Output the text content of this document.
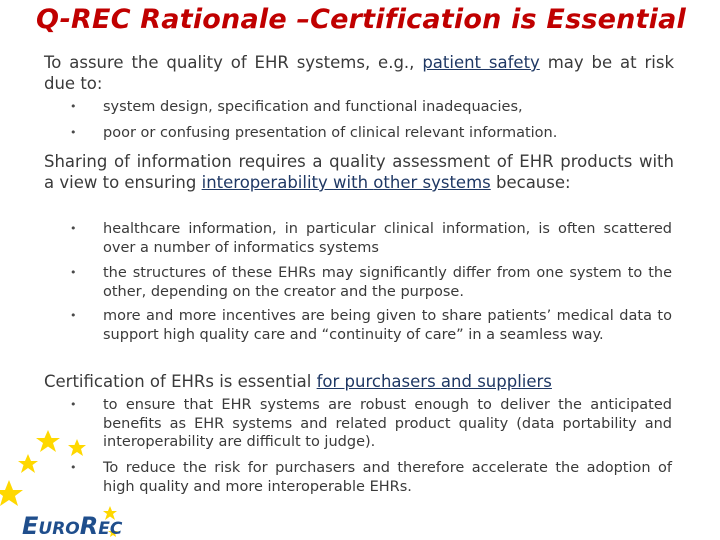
Q-REC Rationale –Certification is Essential
To assure the quality of EHR systems, e.g., patient safety may be at risk due to:
• system design, specification and functional inadequacies,
• poor or confusing presentation of clinical relevant information.
Sharing of information requires a quality assessment of EHR products with a view to ensuring interoperability with other systems because:
• healthcare information, in particular clinical information, is often scattered over a number of informatics systems
• the structures of these EHRs may significantly differ from one system to the other, depending on the creator and the purpose.
• more and more incentives are being given to share patients’ medical data to support high quality care and “continuity of care” in a seamless way.
Certification of EHRs is essential for purchasers and suppliers
• to ensure that EHR systems are robust enough to deliver the anticipated benefits as EHR systems and related product quality (data portability and interoperability are difficult to judge).
• To reduce the risk for purchasers and therefore accelerate the adoption of high quality and more interoperable EHRs.
EUROREC
